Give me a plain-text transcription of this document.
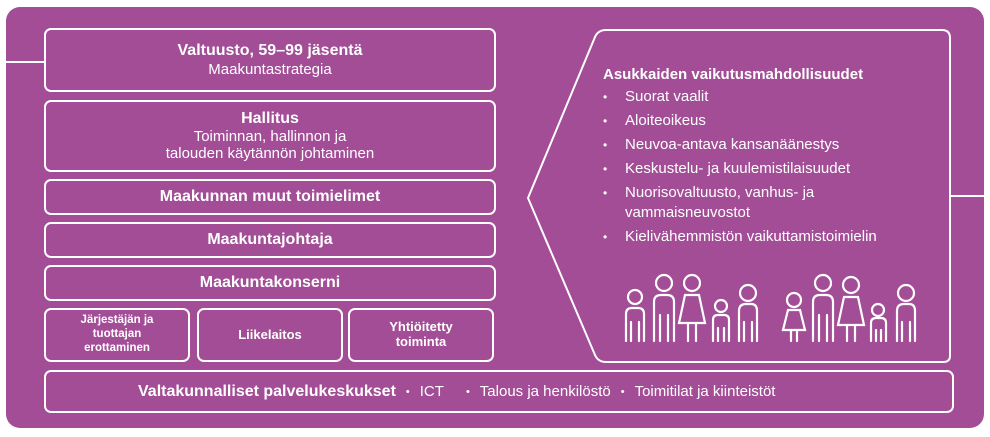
Valtuusto, 59–99 jäsentä
Maakuntastrategia
Hallitus
Toiminnan, hallinnon ja
talouden käytännön johtaminen
Maakunnan muut toimielimet
Maakuntajohtaja
Maakuntakonserni
Järjestäjän ja
tuottajan
erottaminen
Liikelaitos	Yhtiöitetty
toiminta
Asukkaiden vaikutusmahdollisuudet
• Suorat vaalit
• Aloiteoikeus
• Neuvoa-antava kansanäänestys
• Keskustelu- ja kuulemistilaisuudet
• Nuorisovaltuusto, vanhus- ja
vammaisneuvostot
• Kielivähemmistön vaikuttamistoimielin
Valtakunnalliset palvelukeskukset • ICT • Talous ja henkilöstö • Toimitilat ja kiinteistöt
